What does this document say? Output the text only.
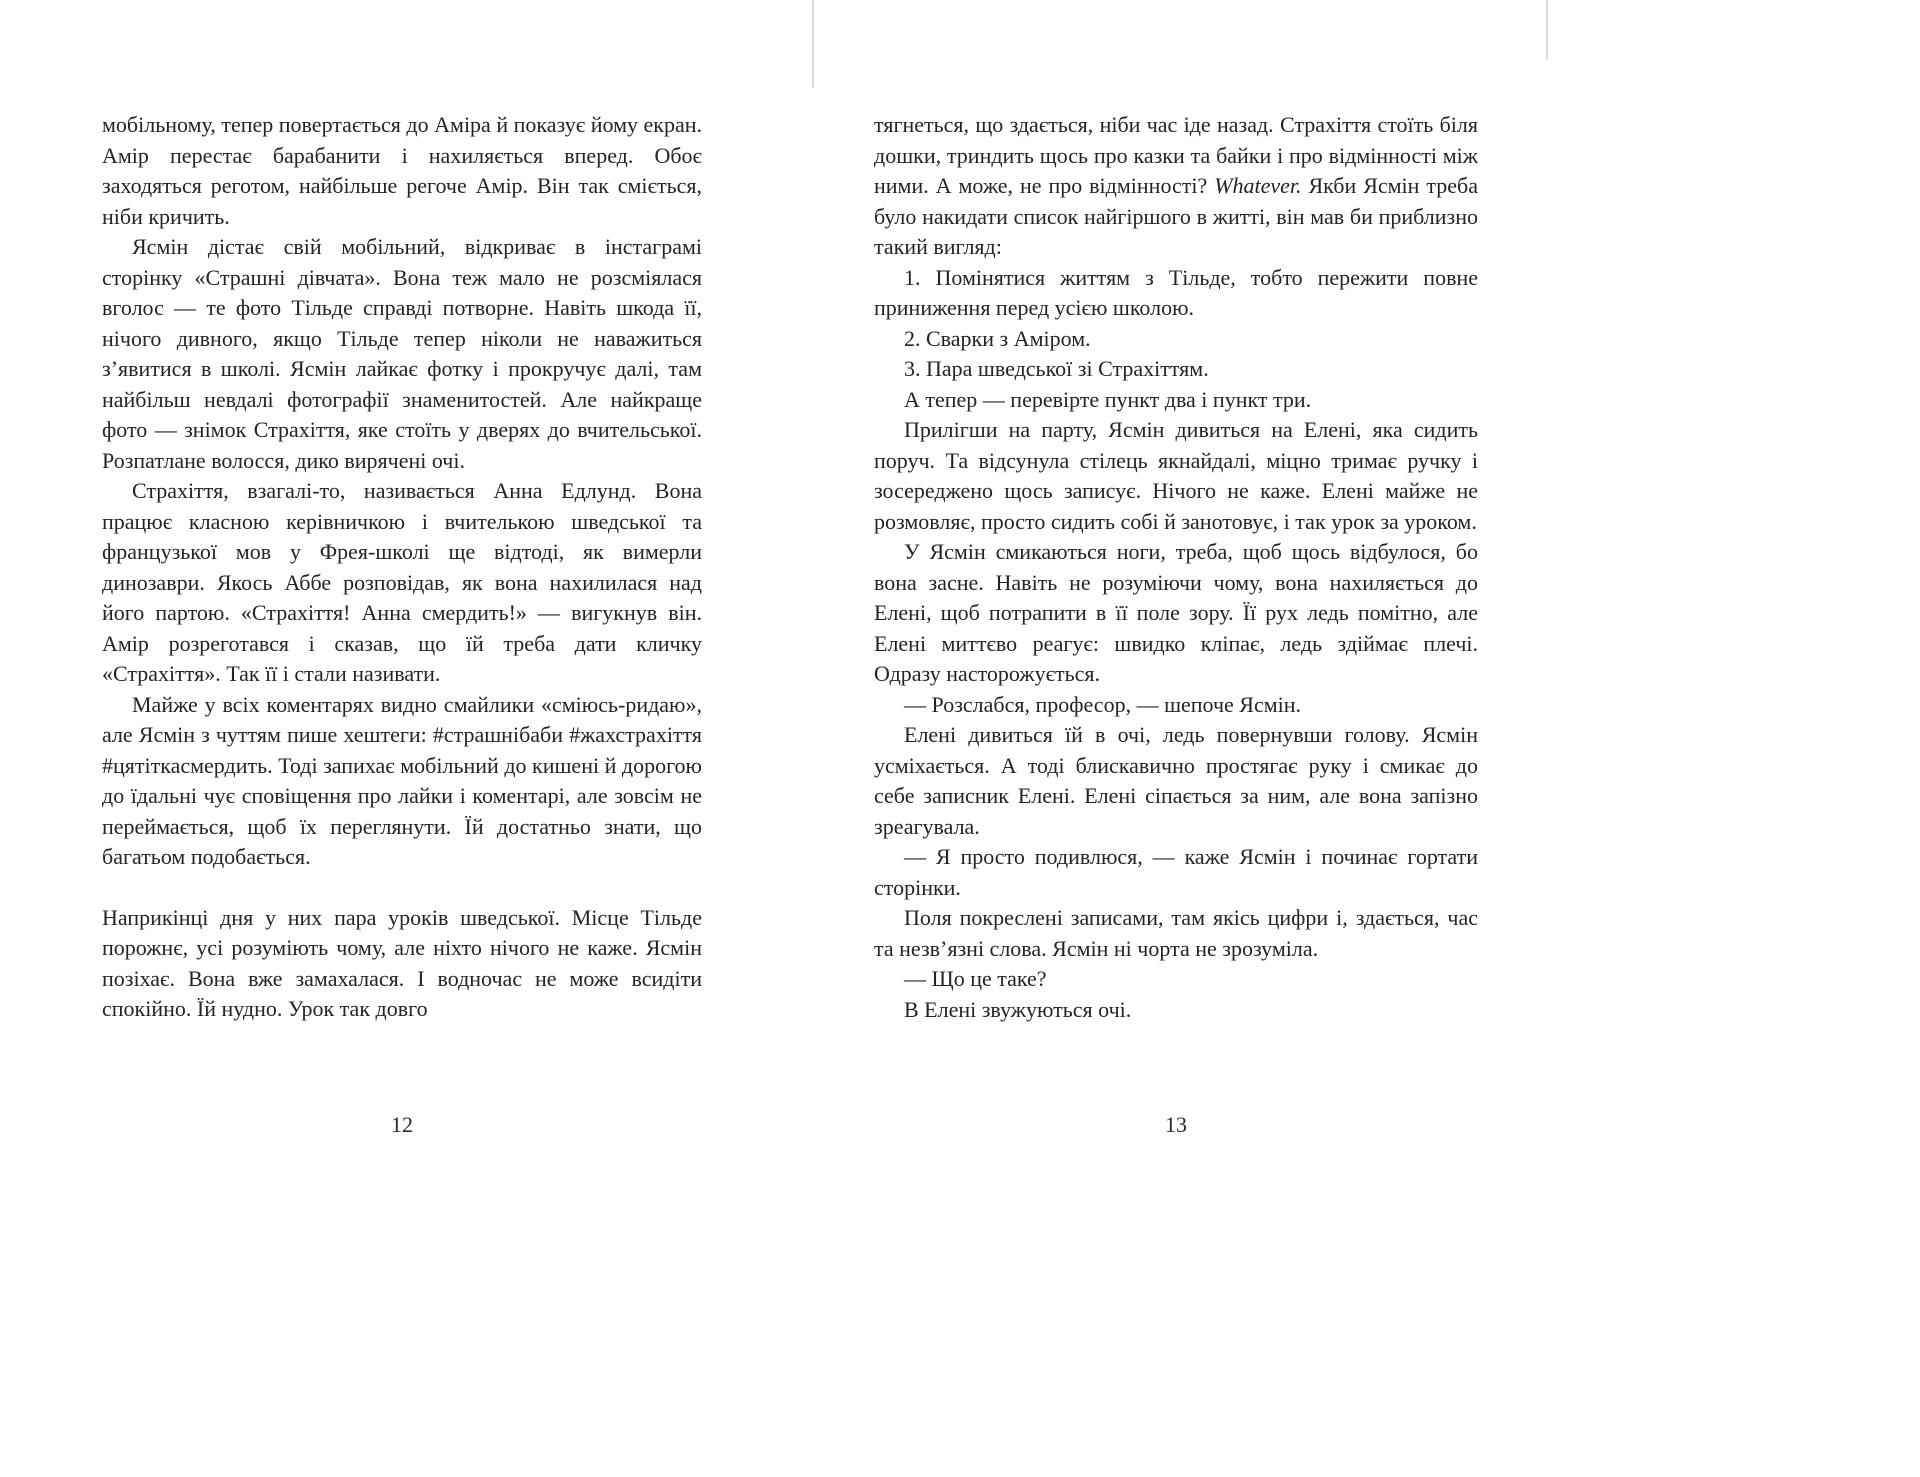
мобільному, тепер повертається до Аміра й показує йому екран. Амір перестає барабанити і нахиляється вперед. Обоє заходяться реготом, найбільше регоче Амір. Він так сміється, ніби кричить.

Ясмін дістає свій мобільний, відкриває в інстаграмі сторінку «Страшні дівчата». Вона теж мало не розсміялася вголос — те фото Тільде справді потворне. Навіть шкода її, нічого дивного, якщо Тільде тепер ніколи не наважиться з’явитися в школі. Ясмін лайкає фотку і прокручує далі, там найбільш невдалі фотографії знаменитостей. Але найкраще фото — знімок Страхіття, яке стоїть у дверях до вчительської. Розпатлане волосся, дико вирячені очі.

Страхіття, взагалі-то, називається Анна Едлунд. Вона працює класною керівничкою і вчителькою шведської та французької мов у Фрея-школі ще відтоді, як вимерли динозаври. Якось Аббе розповідав, як вона нахилилася над його партою. «Страхіття! Анна смердить!» — вигукнув він. Амір розреготався і сказав, що їй треба дати кличку «Страхіття». Так її і стали називати.

Майже у всіх коментарях видно смайлики «сміюсь-ридаю», але Ясмін з чуттям пише хештеги: #страшнібаби #жахстрахіття #цятіткасмердить. Тоді запихає мобільний до кишені й дорогою до їдальні чує сповіщення про лайки і коментарі, але зовсім не переймається, щоб їх переглянути. Їй достатньо знати, що багатьом подобається.

Наприкінці дня у них пара уроків шведської. Місце Тільде порожнє, усі розуміють чому, але ніхто нічого не каже. Ясмін позіхає. Вона вже замахалася. І водночас не може всидіти спокійно. Їй нудно. Урок так довго

12

тягнеться, що здається, ніби час іде назад. Страхіття стоїть біля дошки, триндить щось про казки та байки і про відмінності між ними. А може, не про відмінності? Whatever. Якби Ясмін треба було накидати список найгіршого в житті, він мав би приблизно такий вигляд:

1. Помінятися життям з Тільде, тобто пережити повне приниження перед усією школою.

2. Сварки з Аміром.

3. Пара шведської зі Страхіттям.

А тепер — перевірте пункт два і пункт три.

Прилігши на парту, Ясмін дивиться на Елені, яка сидить поруч. Та відсунула стілець якнайдалі, міцно тримає ручку і зосереджено щось записує. Нічого не каже. Елені майже не розмовляє, просто сидить собі й занотовує, і так урок за уроком.

У Ясмін смикаються ноги, треба, щоб щось відбулося, бо вона засне. Навіть не розуміючи чому, вона нахиляється до Елені, щоб потрапити в її поле зору. Її рух ледь помітно, але Елені миттєво реагує: швидко кліпає, ледь здіймає плечі. Одразу насторожується.

— Розслабся, професор, — шепоче Ясмін.

Елені дивиться їй в очі, ледь повернувши голову. Ясмін усміхається. А тоді блискавично простягає руку і смикає до себе записник Елені. Елені сіпається за ним, але вона запізно зреагувала.

— Я просто подивлюся, — каже Ясмін і починає гортати сторінки.

Поля покреслені записами, там якісь цифри і, здається, час та незв’язні слова. Ясмін ні чорта не зрозуміла.

— Що це таке?

В Елені звужуються очі.

13
